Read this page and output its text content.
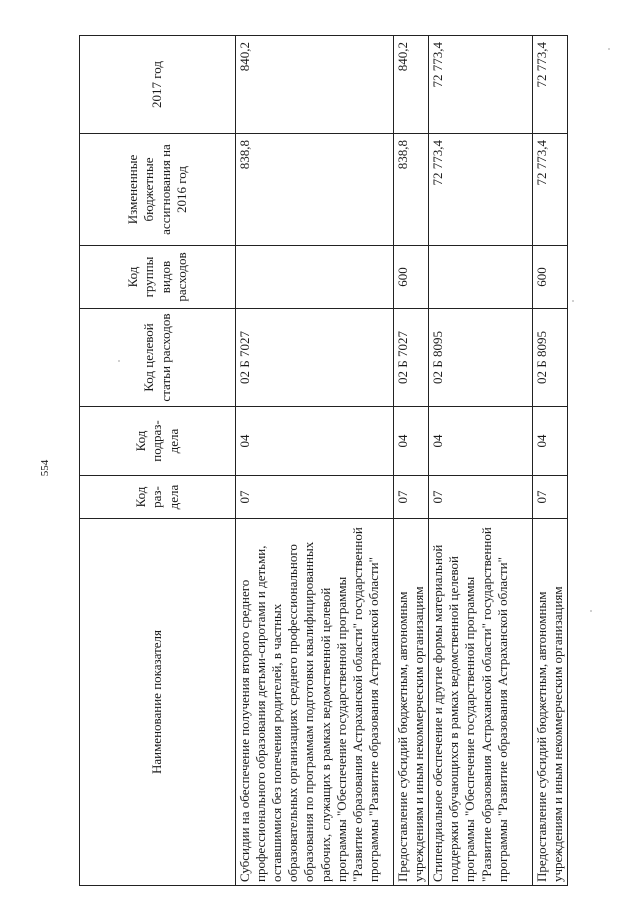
554
Наименование показателя	Код раз-дела	Код подраз-дела	Код целевой статьи расходов	Код группы видов расходов	Измененные бюджетные ассигнования на 2016 год	2017 год
Субсидии на обеспечение получения второго среднего профессионального образования детьми-сиротами и детьми, оставшимися без попечения родителей, в частных образовательных организациях среднего профессионального образования по программам подготовки квалифицированных рабочих, служащих в рамках ведомственной целевой программы "Обеспечение государственной программы "Развитие образования Астраханской области" государственной программы "Развитие образования Астраханской области"	07	04	02 Б 7027		838,8	840,2
Предоставление субсидий бюджетным, автономным учреждениям и иным некоммерческим организациям	07	04	02 Б 7027	600	838,8	840,2
Стипендиальное обеспечение и другие формы материальной поддержки обучающихся в рамках ведомственной целевой программы "Обеспечение государственной программы "Развитие образования Астраханской области" государственной программы "Развитие образования Астраханской области"	07	04	02 Б 8095		72 773,4	72 773,4
Предоставление субсидий бюджетным, автономным учреждениям и иным некоммерческим организациям	07	04	02 Б 8095	600	72 773,4	72 773,4
